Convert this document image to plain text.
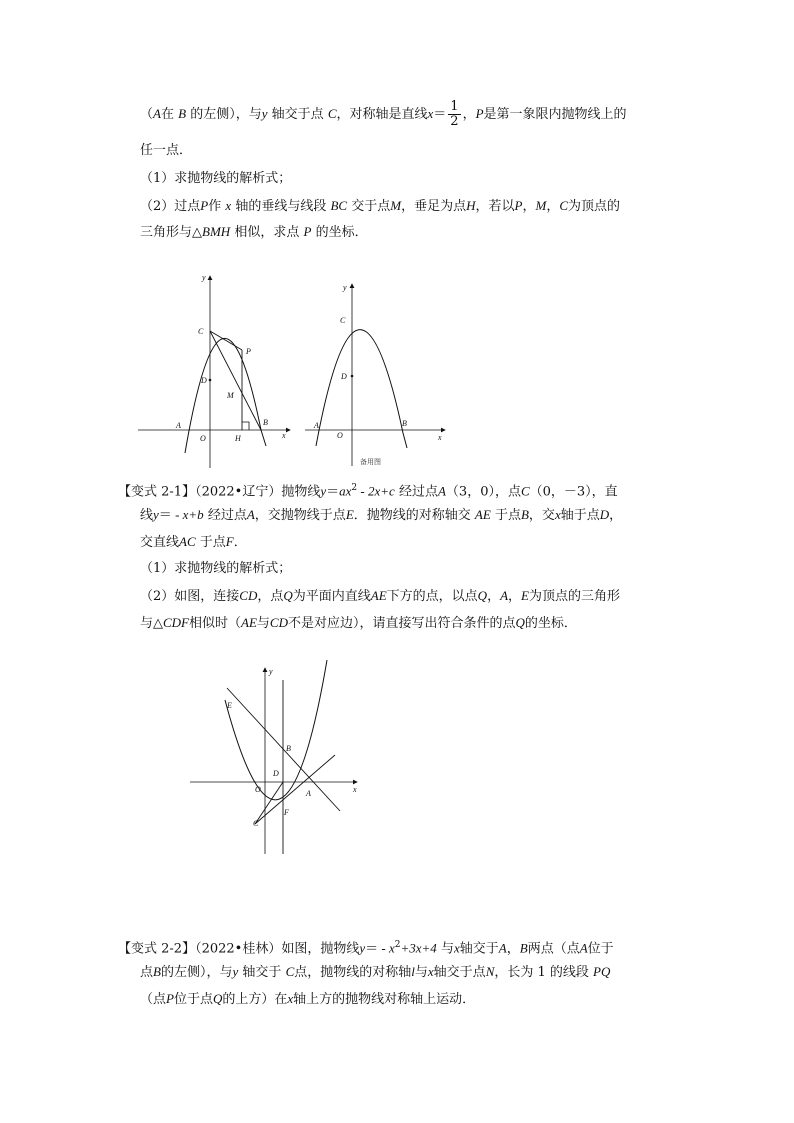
（A在 B 的左侧），与y 轴交于点 C，对称轴是直线$x= \frac{1}{2}$ ，P是第一象限内抛物线上的
任一点．
（1）求抛物线的解析式；
（2）过点P作 x 轴的垂线与线段 BC 交于点M，垂足为点H，若以P，M，C为顶点的
三角形与△BMH 相似，求点 P 的坐标．
y
x
C
P
D
M
A
O	H
B
y
x
C
D
A
O
B
备用图
【变式 2-1】（2022•辽宁）抛物线$y=ax^2 - 2x+c$ 经过点A（3，0），点C（0，－3），直
线y＝ - x+b 经过点A，交抛物线于点E．抛物线的对称轴交 AE 于点B，交x轴于点D，
交直线AC 于点F．
（1）求抛物线的解析式；
（2）如图，连接CD，点Q为平面内直线AE下方的点，以点Q，A，E为顶点的三角形
与△CDF相似时（AE与CD不是对应边），请直接写出符合条件的点Q的坐标．
y
x
E
B
D
O	A
C
F
【变式 2-2】（2022•桂林）如图，抛物线$y= - x^2+3x+4$ 与x轴交于A，B两点（点A位于
点B的左侧），与y 轴交于 C点，抛物线的对称轴l与x轴交于点N，长为 1 的线段 PQ
（点P位于点Q的上方）在x轴上方的抛物线对称轴上运动．
